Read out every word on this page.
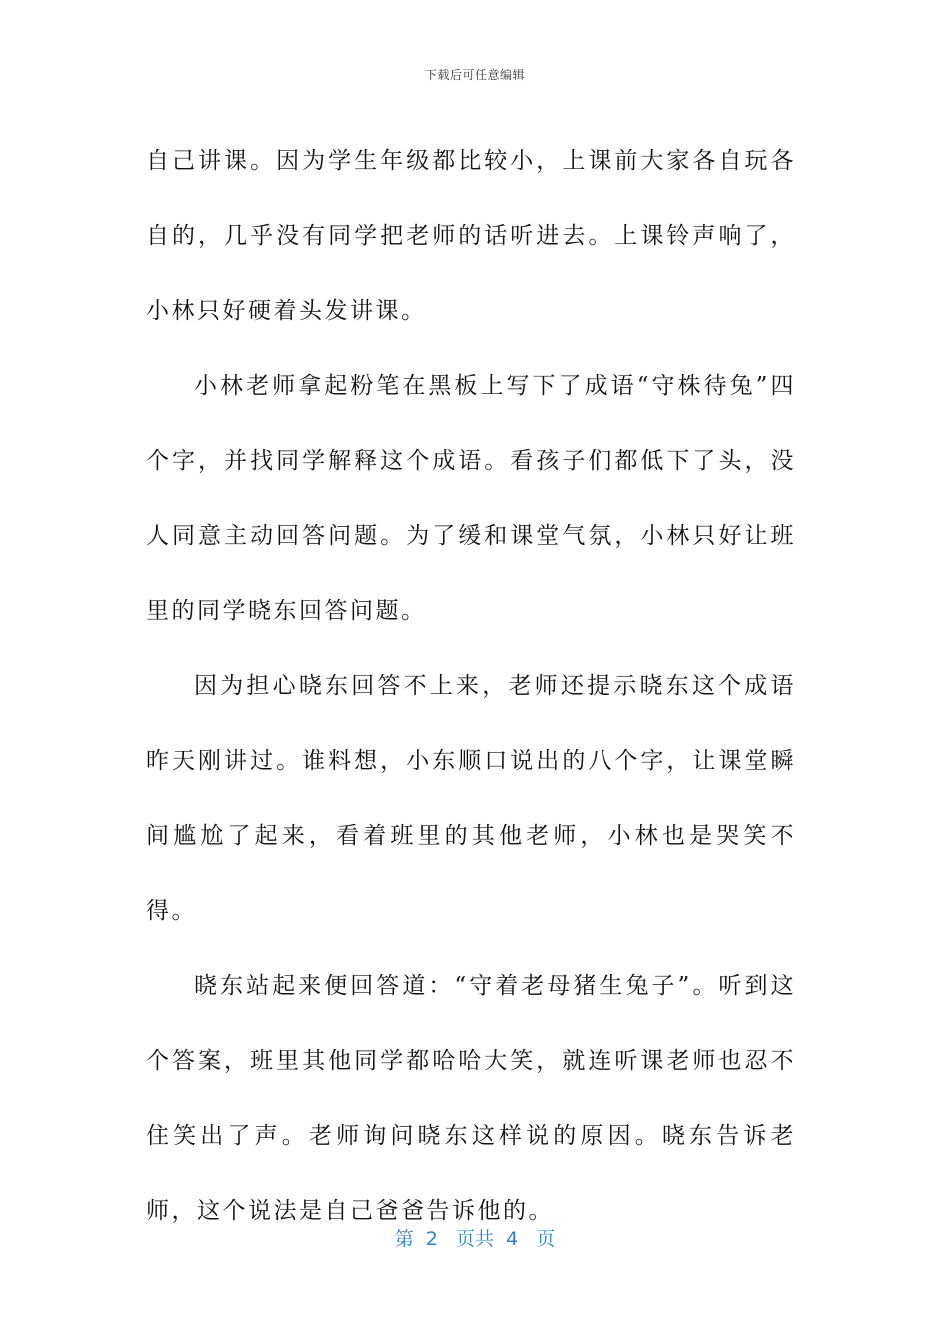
下载后可任意编辑

自己讲课。因为学生年级都比较小，上课前大家各自玩各自的，几乎没有同学把老师的话听进去。上课铃声响了，小林只好硬着头发讲课。

小林老师拿起粉笔在黑板上写下了成语“守株待兔”四个字，并找同学解释这个成语。看孩子们都低下了头，没人同意主动回答问题。为了缓和课堂气氛，小林只好让班里的同学晓东回答问题。

因为担心晓东回答不上来，老师还提示晓东这个成语昨天刚讲过。谁料想，小东顺口说出的八个字，让课堂瞬间尴尬了起来，看着班里的其他老师，小林也是哭笑不得。

晓东站起来便回答道：“守着老母猪生兔子”。听到这个答案，班里其他同学都哈哈大笑，就连听课老师也忍不住笑出了声。老师询问晓东这样说的原因。晓东告诉老师，这个说法是自己爸爸告诉他的。

第  2   页共  4   页
